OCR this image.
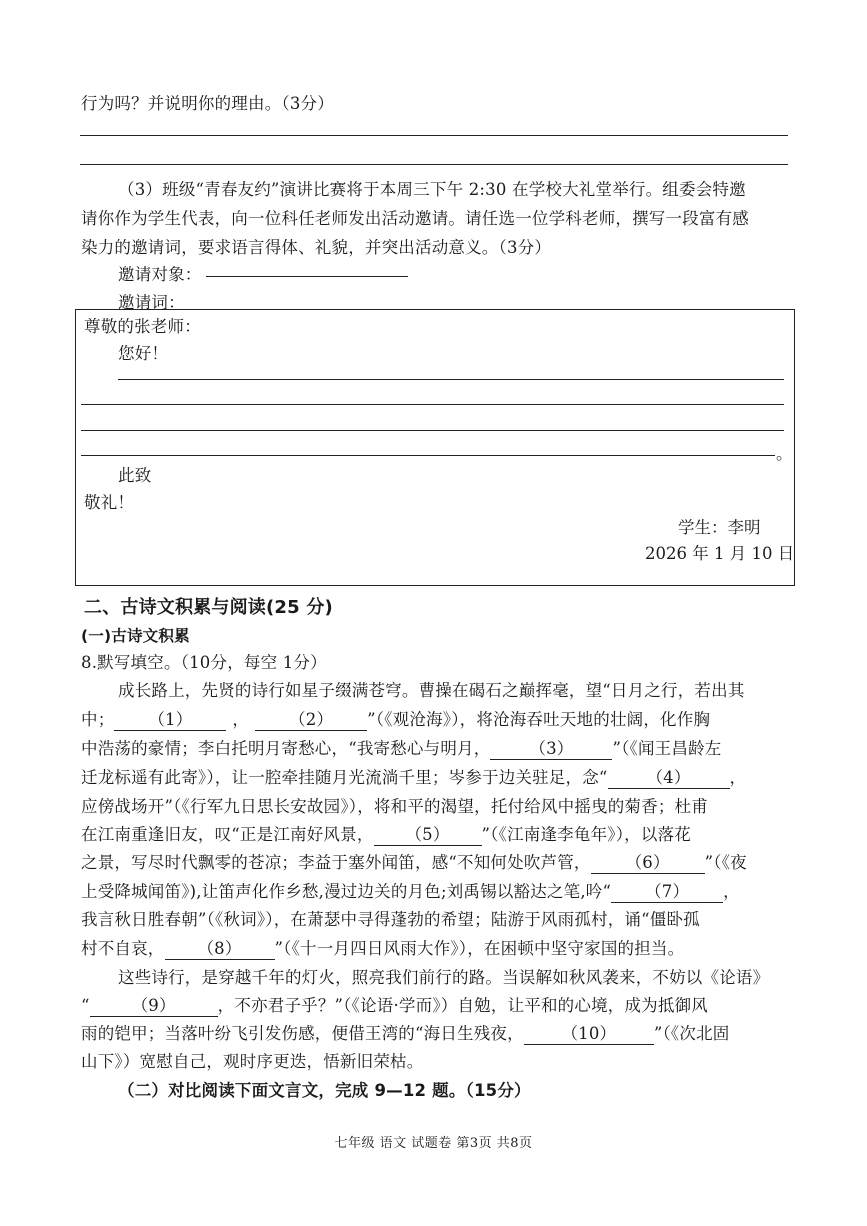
行为吗？并说明你的理由。（3分）
（3）班级“青春友约”演讲比赛将于本周三下午 2:30 在学校大礼堂举行。组委会特邀
请你作为学生代表，向一位科任老师发出活动邀请。请任选一位学科老师，撰写一段富有感
染力的邀请词，要求语言得体、礼貌，并突出活动意义。（3分）
邀请对象：
邀请词：
尊敬的张老师：
您好！
。
此致
敬礼！
学生：李明
2026 年 1 月 10 日
二、古诗文积累与阅读(25 分)
(一)古诗文积累
8.默写填空。（10分，每空 1分）
成长路上，先贤的诗行如星子缀满苍穹。曹操在碣石之巅挥毫，望“日月之行，若出其
中； （1） ， （2） ”（《观沧海》），将沧海吞吐天地的壮阔，化作胸
中浩荡的豪情；李白托明月寄愁心，“我寄愁心与明月， （3） ”（《闻王昌龄左
迁龙标遥有此寄》），让一腔牵挂随月光流淌千里；岑参于边关驻足，念“ （4） ，
应傍战场开”（《行军九日思长安故园》），将和平的渴望，托付给风中摇曳的菊香；杜甫
在江南重逢旧友，叹“正是江南好风景， （5） ”（《江南逢李龟年》），以落花
之景，写尽时代飘零的苍凉；李益于塞外闻笛，感“不知何处吹芦管， （6） ”（《夜
上受降城闻笛》),让笛声化作乡愁,漫过边关的月色;刘禹锡以豁达之笔,吟“ （7） ，
我言秋日胜春朝”（《秋词》），在萧瑟中寻得蓬勃的希望；陆游于风雨孤村，诵“僵卧孤
村不自哀， （8） ”（《十一月四日风雨大作》），在困顿中坚守家国的担当。
这些诗行，是穿越千年的灯火，照亮我们前行的路。当误解如秋风袭来，不妨以《论语》
“	（9）	，不亦君子乎？”（《论语·学而》）自勉，让平和的心境，成为抵御风
雨的铠甲；当落叶纷飞引发伤感，便借王湾的“海日生残夜， （10） ”（《次北固
山下》）宽慰自己，观时序更迭，悟新旧荣枯。
（二）对比阅读下面文言文，完成 9—12 题。（15分）
七年级 语文 试题卷 第3页 共8页
